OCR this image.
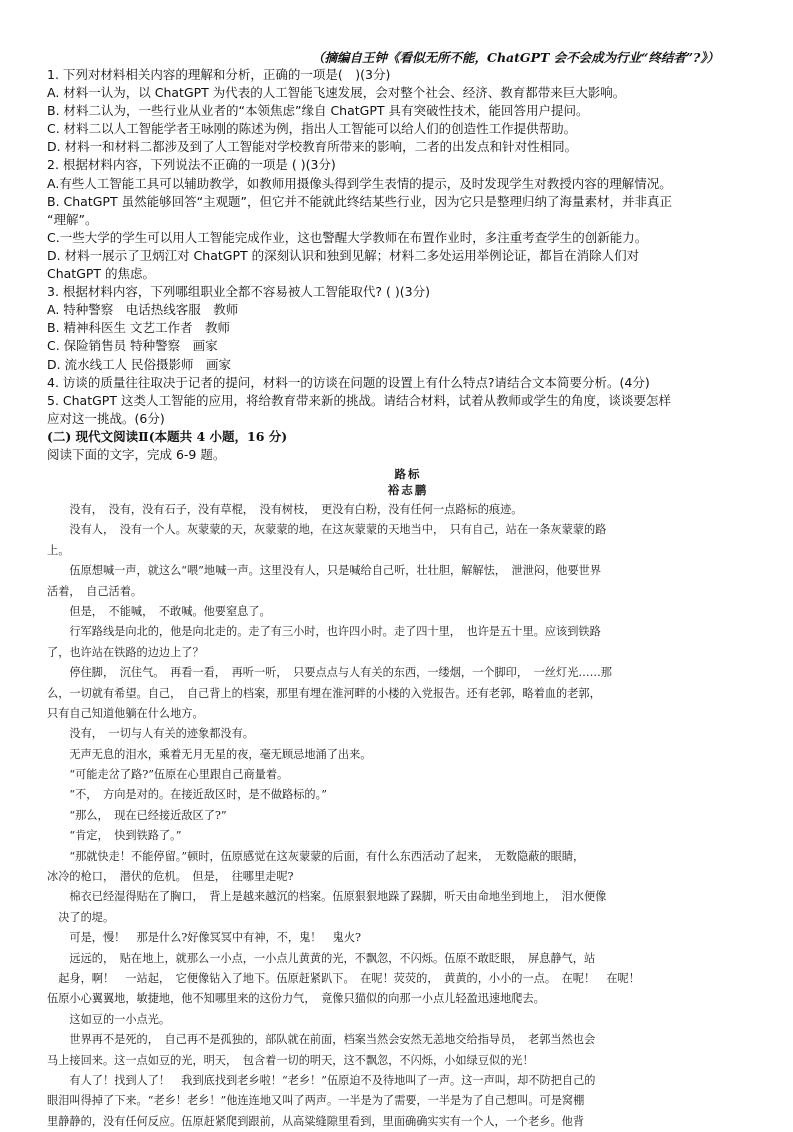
（摘编自王钟《看似无所不能，ChatGPT 会不会成为行业“终结者”?》）
1. 下列对材料相关内容的理解和分析，正确的一项是(　)(3分)
A. 材料一认为，以 ChatGPT 为代表的人工智能飞速发展，会对整个社会、经济、教育都带来巨大影响。
B. 材料二认为，一些行业从业者的“本领焦虑”缘自 ChatGPT 具有突破性技术，能回答用户提问。
C. 材料二以人工智能学者王咏刚的陈述为例，指出人工智能可以给人们的创造性工作提供帮助。
D. 材料一和材料二都涉及到了人工智能对学校教育所带来的影响，二者的出发点和针对性相同。
2. 根据材料内容，下列说法不正确的一项是 ( )(3分)
A.有些人工智能工具可以辅助教学，如教师用摄像头得到学生表情的提示，及时发现学生对教授内容的理解情况。
B. ChatGPT 虽然能够回答“主观题”，但它并不能就此终结某些行业，因为它只是整理归纳了海量素材，并非真正
“理解”。
C.一些大学的学生可以用人工智能完成作业，这也警醒大学教师在布置作业时，多注重考查学生的创新能力。
D. 材料一展示了卫炳江对 ChatGPT 的深刻认识和独到见解；材料二多处运用举例论证，都旨在消除人们对
ChatGPT 的焦虑。
3. 根据材料内容，下列哪组职业全都不容易被人工智能取代? ( )(3分)
A. 特种警察　电话热线客服　教师
B. 精神科医生 文艺工作者　教师
C. 保险销售员 特种警察　画家
D. 流水线工人 民俗摄影师　画家
4. 访谈的质量往往取决于记者的提问，材料一的访谈在问题的设置上有什么特点?请结合文本简要分析。(4分)
5. ChatGPT 这类人工智能的应用，将给教育带来新的挑战。请结合材料，试着从教师或学生的角度，谈谈要怎样
应对这一挑战。(6分)
(二) 现代文阅读Ⅱ(本题共 4 小题，16 分)
阅读下面的文字，完成 6-9 题。
路标
裕志鹏
　　没有，　没有，没有石子，没有草棍，　没有树枝，　更没有白粉，没有任何一点路标的痕迹。
　　没有人，　没有一个人。灰蒙蒙的天，灰蒙蒙的地，在这灰蒙蒙的天地当中，　只有自己，站在一条灰蒙蒙的路
上。
　　伍原想喊一声，就这么“喂”地喊一声。这里没有人，只是喊给自己听，壮壮胆，解解怯，　泄泄闷，他要世界
活着，　自己活着。
　　但是，　不能喊，　不敢喊。他要窒息了。
　　行军路线是向北的，他是向北走的。走了有三小时，也许四小时。走了四十里，　也许是五十里。应该到铁路
了，也许站在铁路的边边上了？
　　停住脚，　沉住气。　再看一看，　再听一听，　只要点点与人有关的东西，一缕烟，一个脚印，　一丝灯光……那
么，一切就有希望。自己，　自己背上的档案，那里有埋在淮河畔的小楼的入党报告。还有老郭，略着血的老郭，
只有自己知道他躺在什么地方。
　　没有，　一切与人有关的迹象都没有。
　　无声无息的泪水，乘着无月无星的夜，毫无顾忌地涌了出来。
　　“可能走岔了路?”伍原在心里跟自己商量着。
　　“不，　方向是对的。在接近敌区时，是不做路标的。”
　　“那么，　现在已经接近敌区了?”
　　“肯定，　快到铁路了。”
　　“那就快走！不能停留。”顿时，伍原感觉在这灰蒙蒙的后面，有什么东西活动了起来，　无数隐蔽的眼睛，
冰冷的枪口，　潜伏的危机。　但是，　往哪里走呢?
　　棉衣已经湿得贴在了胸口，　背上是越来越沉的档案。伍原狠狠地跺了跺脚，听天由命地坐到地上，　泪水便像
　决了的堤。
　　可是，慢！　那是什么?好像冥冥中有神，不，鬼！　鬼火?
　　远远的，　贴在地上，就那么一小点，一小点儿黄黄的光，不飘忽，不闪烁。伍原不敢眨眼，　屏息静气，站
　起身，啊！　一站起，　它便像钻入了地下。伍原赶紧趴下。　在呢！荧荧的，　黄黄的，小小的一点。　在呢！　在呢！
伍原小心翼翼地，敏捷地，他不知哪里来的这份力气，　竟像只猫似的向那一小点儿轻盈迅速地爬去。
　　这如豆的一小点光。
　　世界再不是死的，　自己再不是孤独的，部队就在前面，档案当然会安然无恙地交给指导员，　老郭当然也会
马上接回来。这一点如豆的光，明天，　包含着一切的明天，这不飘忽，不闪烁，小如绿豆似的光！
　　有人了！找到人了！　我到底找到老乡啦！“老乡！”伍原迫不及待地叫了一声。这一声叫，却不防把自己的
眼泪叫得掉了下来。“老乡！老乡！”他连连地又叫了两声。一半是为了需要，一半是为了自己想叫。可是窝棚
里静静的，没有任何反应。伍原赶紧爬到跟前，从高粱缝隙里看到，里面确确实实有一个人，一个老乡。他背
